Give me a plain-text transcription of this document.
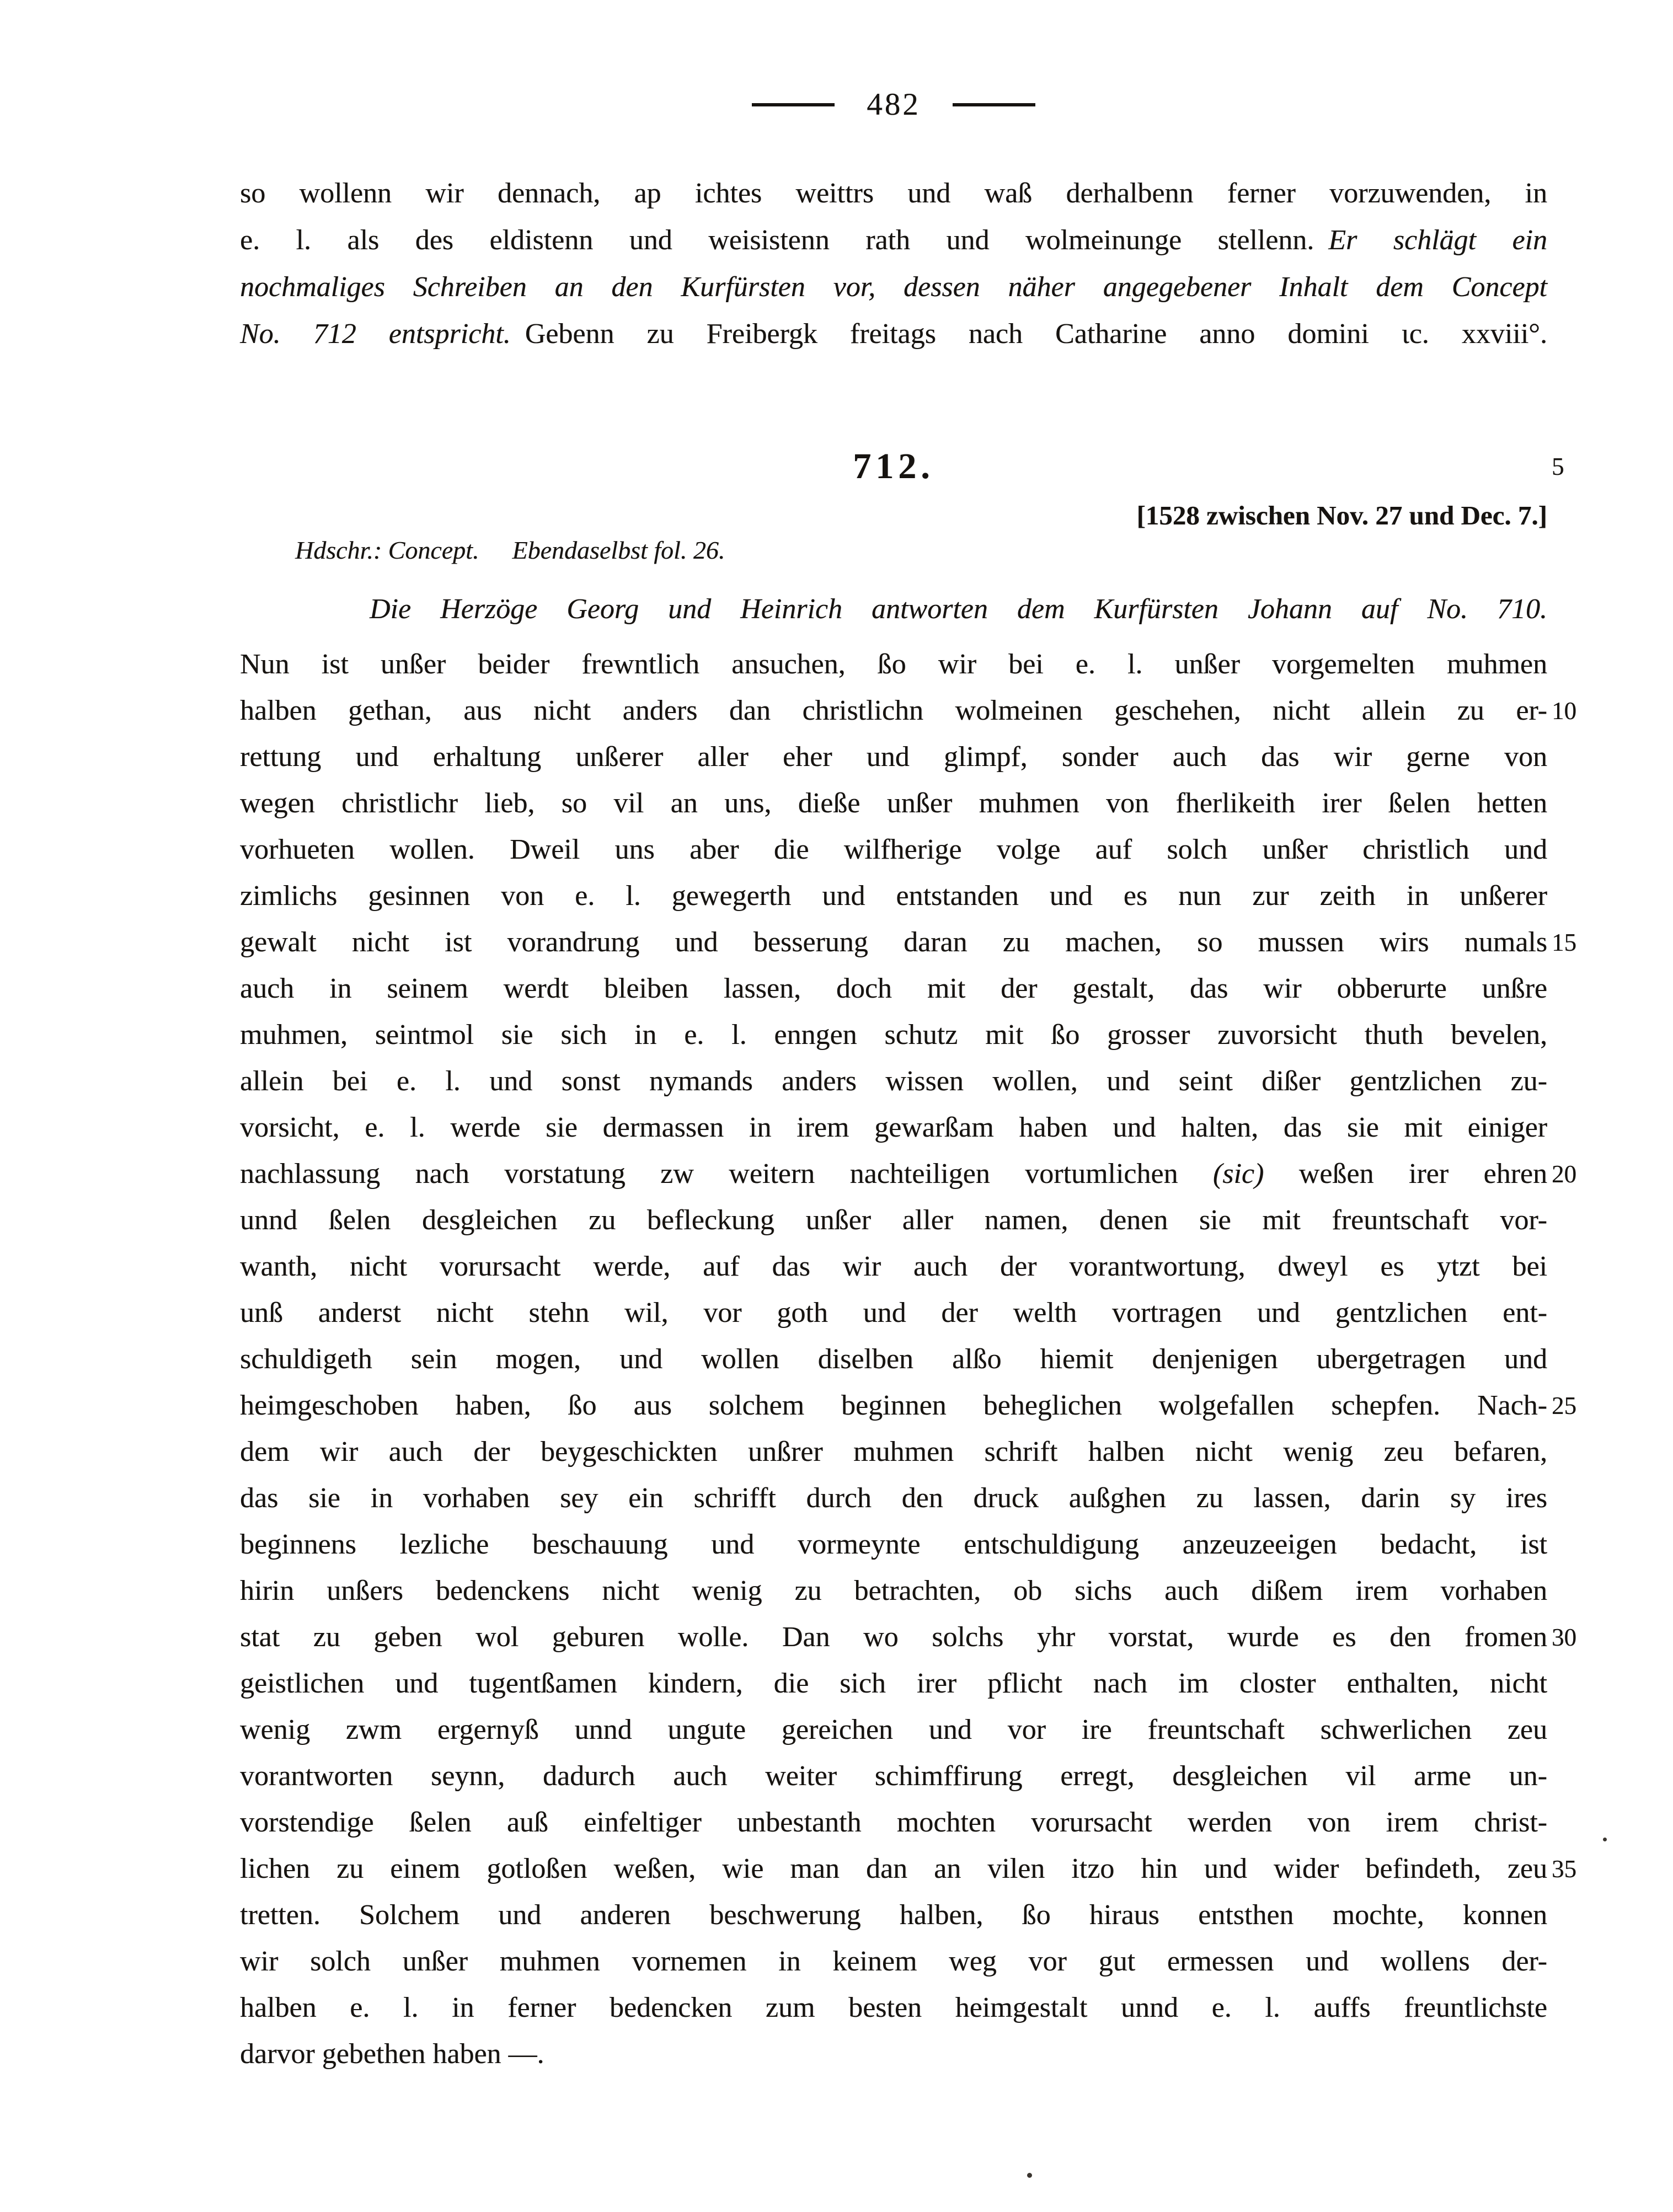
482
so wollenn wir dennach, ap ichtes weittrs und waß derhalbenn ferner vorzuwenden, in
e. l. als des eldistenn und weisistenn rath und wolmeinunge stellenn. Er schlägt ein
nochmaliges Schreiben an den Kurfürsten vor, dessen näher angegebener Inhalt dem Concept
No. 712 entspricht. Gebenn zu Freibergk freitags nach Catharine anno domini ɩc. xxviii°.
712.	5
[1528 zwischen Nov. 27 und Dec. 7.]
Hdschr.: Concept. Ebendaselbst fol. 26.
Die Herzöge Georg und Heinrich antworten dem Kurfürsten Johann auf No. 710.
Nun ist unßer beider frewntlich ansuchen, ßo wir bei e. l. unßer vorgemelten muhmen
halben gethan, aus nicht anders dan christlichn wolmeinen geschehen, nicht allein zu er- 10
rettung und erhaltung unßerer aller eher und glimpf, sonder auch das wir gerne von
wegen christlichr lieb, so vil an uns, dieße unßer muhmen von fherlikeith irer ßelen hetten
vorhueten wollen. Dweil uns aber die wilfherige volge auf solch unßer christlich und
zimlichs gesinnen von e. l. gewegerth und entstanden und es nun zur zeith in unßerer
gewalt nicht ist vorandrung und besserung daran zu machen, so mussen wirs numals 15
auch in seinem werdt bleiben lassen, doch mit der gestalt, das wir obberurte unßre
muhmen, seintmol sie sich in e. l. enngen schutz mit ßo grosser zuvorsicht thuth bevelen,
allein bei e. l. und sonst nymands anders wissen wollen, und seint dißer gentzlichen zu-
vorsicht, e. l. werde sie dermassen in irem gewarßam haben und halten, das sie mit einiger
nachlassung nach vorstatung zw weitern nachteiligen vortumlichen (sic) weßen irer ehren 20
unnd ßelen desgleichen zu befleckung unßer aller namen, denen sie mit freuntschaft vor-
wanth, nicht vorursacht werde, auf das wir auch der vorantwortung, dweyl es ytzt bei
unß anderst nicht stehn wil, vor goth und der welth vortragen und gentzlichen ent-
schuldigeth sein mogen, und wollen diselben alßo hiemit denjenigen ubergetragen und
heimgeschoben haben, ßo aus solchem beginnen beheglichen wolgefallen schepfen. Nach- 25
dem wir auch der beygeschickten unßrer muhmen schrift halben nicht wenig zeu befaren,
das sie in vorhaben sey ein schrifft durch den druck außghen zu lassen, darin sy ires
beginnens lezliche beschauung und vormeynte entschuldigung anzeuzeeigen bedacht, ist
hirin unßers bedenckens nicht wenig zu betrachten, ob sichs auch dißem irem vorhaben
stat zu geben wol geburen wolle. Dan wo solchs yhr vorstat, wurde es den fromen 30
geistlichen und tugentßamen kindern, die sich irer pflicht nach im closter enthalten, nicht
wenig zwm ergernyß unnd ungute gereichen und vor ire freuntschaft schwerlichen zeu
vorantworten seynn, dadurch auch weiter schimffirung erregt, desgleichen vil arme un-
vorstendige ßelen auß einfeltiger unbestanth mochten vorursacht werden von irem christ-
lichen zu einem gotloßen weßen, wie man dan an vilen itzo hin und wider befindeth, zeu 35
tretten. Solchem und anderen beschwerung halben, ßo hiraus entsthen mochte, konnen
wir solch unßer muhmen vornemen in keinem weg vor gut ermessen und wollens der-
halben e. l. in ferner bedencken zum besten heimgestalt unnd e. l. auffs freuntlichste
darvor gebethen haben —.
